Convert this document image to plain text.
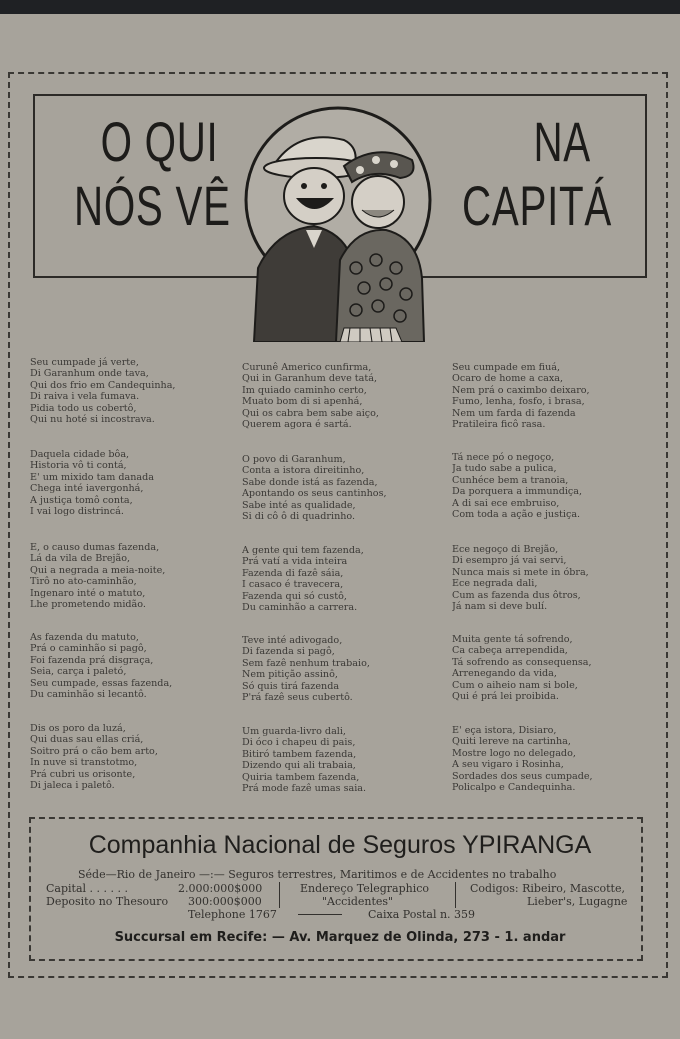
O QUI
NÓS VÊ
NA
CAPITÁ
Seu cumpade já verte,
Di Garanhum onde tava,
Qui dos frio em Candequinha,
Di raiva i vela fumava.
Pidia todo us cobertô,
Qui nu hoté si incostrava.
Daquela cidade bôa,
Historia vô ti contá,
E' um mixido tam danada
Chega inté iavergonhá,
A justiça tomô conta,
I vai logo distrincá.
E, o causo dumas fazenda,
Lá da vila de Brejão,
Qui a negrada a meia-noite,
Tirô no ato-caminhão,
Ingenaro inté o matuto,
Lhe prometendo midão.
As fazenda du matuto,
Prá o caminhão si pagô,
Foi fazenda prá disgraça,
Seia, carça i paletó,
Seu cumpade, essas fazenda,
Du caminhão si lecantô.
Dis os poro da luzá,
Qui duas sau ellas criá,
Soitro prá o cão bem arto,
In nuve si transtotmo,
Prá cubri us orisonte,
Di jaleca i paletô.
Curunê Americo cunfirma,
Qui in Garanhum deve tatá,
Im quiado caminho certo,
Muato bom di si apenhá,
Qui os cabra bem sabe aiço,
Querem agora é sartá.
O povo di Garanhum,
Conta a istora direitinho,
Sabe donde istá as fazenda,
Apontando os seus cantinhos,
Sabe inté as qualidade,
Si di cô ô di quadrinho.
A gente qui tem fazenda,
Prá vatí a vida inteira
Fazenda di fazê sáia,
I casaco é travecera,
Fazenda qui só custô,
Du caminhão a carrera.
Teve inté adivogado,
Di fazenda si pagô,
Sem fazê nenhum trabaio,
Nem pitição assinô,
Só quis tirá fazenda
P'rá fazê seus cubertô.
Um guarda-livro dali,
Di óco i chapeu di pais,
Bitiró tambem fazenda,
Dizendo qui ali trabaia,
Quiria tambem fazenda,
Prá mode fazê umas saia.
Seu cumpade em fiuá,
Ocaro de home a caxa,
Nem prá o caximbo deixaro,
Fumo, lenha, fosfo, i brasa,
Nem um farda di fazenda
Pratileira ficô rasa.
Tá nece pó o negoço,
Ja tudo sabe a pulica,
Cunhéce bem a tranoia,
Da porquera a immundiça,
A di sai ece embruiso,
Com toda a ação e justiça.
Ece negoço di Brejão,
Di esempro já vai servi,
Nunca mais si mete in óbra,
Ece negrada dali,
Cum as fazenda dus ôtros,
Já nam si deve bulí.
Muita gente tá sofrendo,
Ca cabeça arrependida,
Tá sofrendo as consequensa,
Arrenegando da vida,
Cum o aiheio nam si bole,
Qui é prá lei proibida.
E' eça istora, Disiaro,
Quiti lereve na cartinha,
Mostre logo no delegado,
A seu vigaro i Rosinha,
Sordades dos seus cumpade,
Policalpo e Candequinha.
Companhia Nacional de Seguros YPIRANGA
Séde—Rio de Janeiro —:— Seguros terrestres, Maritimos e de Accidentes no trabalho
Capital . . . . . .	2.000:000$000
Deposito no Thesouro 300:000$000
Endereço Telegraphico
"Accidentes"
Codigos: Ribeiro, Mascotte,
Lieber's, Lugagne
Telephone 1767	Caixa Postal n. 359
Succursal em Recife: — Av. Marquez de Olinda, 273 - 1. andar
